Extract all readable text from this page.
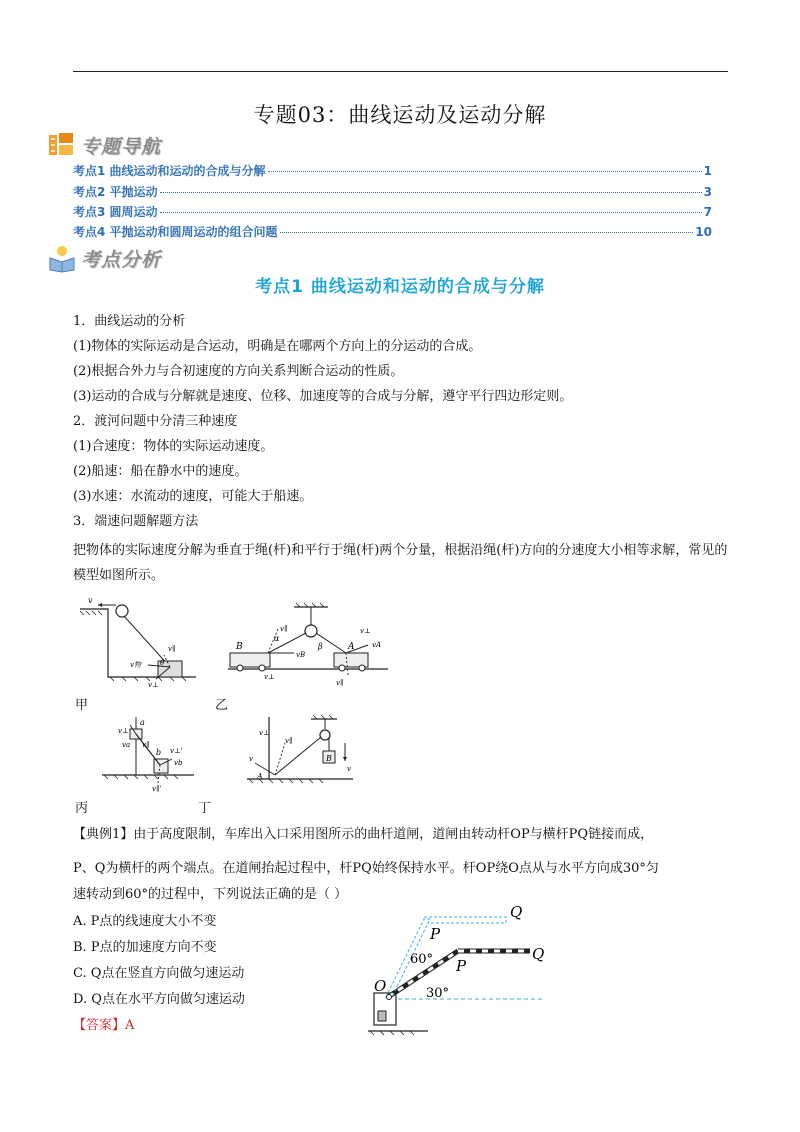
专题03：曲线运动及运动分解
专题导航
考点1 曲线运动和运动的合成与分解	1
考点2 平抛运动	3
考点3 圆周运动	7
考点4 平抛运动和圆周运动的组合问题	10
考点分析
考点1 曲线运动和运动的合成与分解
1．曲线运动的分析
(1)物体的实际运动是合运动，明确是在哪两个方向上的分运动的合成。
(2)根据合外力与合初速度的方向关系判断合运动的性质。
(3)运动的合成与分解就是速度、位移、加速度等的合成与分解，遵守平行四边形定则。
2．渡河问题中分清三种速度
(1)合速度：物体的实际运动速度。
(2)船速：船在静水中的速度。
(3)水速：水流动的速度，可能大于船速。
3．端速问题解题方法
把物体的实际速度分解为垂直于绳(杆)和平行于绳(杆)两个分量，根据沿绳(杆)方向的分速度大小相等求解，常见的模型如图所示。
v
v∥
θ
v物
v⊥
B	A
α
β
v∥
vB
v⊥
vA
v⊥
v∥
甲	乙
a
b
v⊥
va v∥
v⊥'
vb
v∥'
A
B
v
v⊥
v∥
v
丙	丁
【典例1】由于高度限制，车库出入口采用图所示的曲杆道闸，道闸由转动杆OP与横杆PQ链接而成，
P、Q为横杆的两个端点。在道闸抬起过程中，杆PQ始终保持水平。杆OP绕O点从与水平方向成30°匀
速转动到60°的过程中，下列说法正确的是（ ）
A. P点的线速度大小不变
B. P点的加速度方向不变
C. Q点在竖直方向做匀速运动
D. Q点在水平方向做匀速运动
【答案】A
O
P
Q
P
Q
60°
30°
